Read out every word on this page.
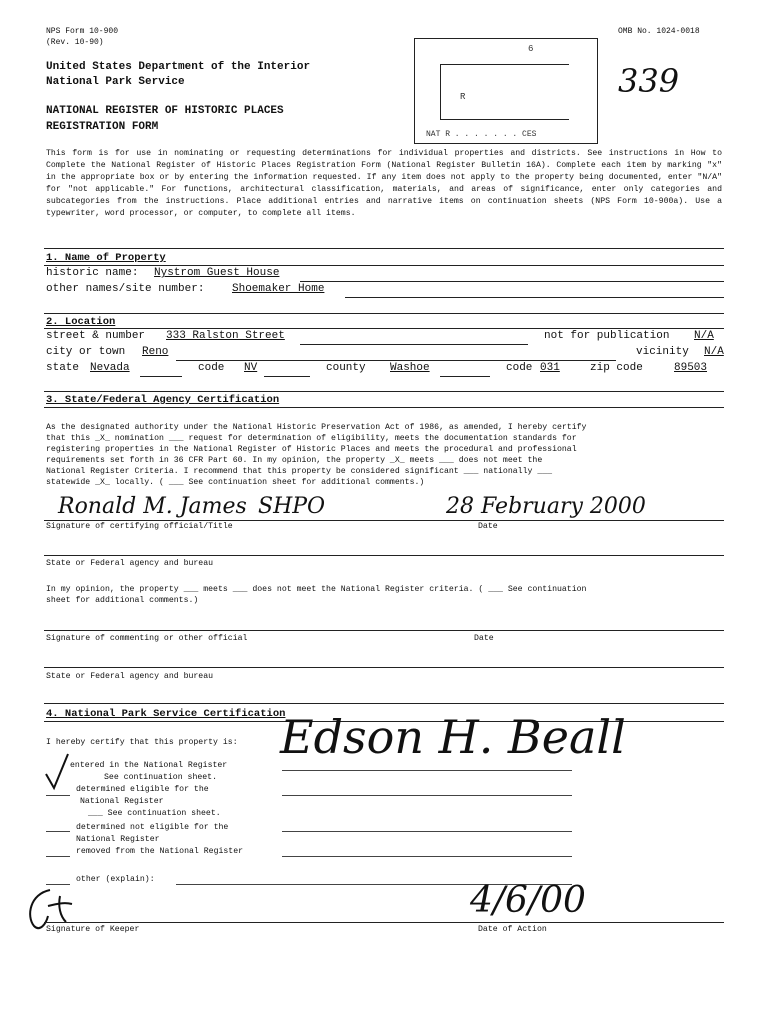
NPS Form 10-900
(Rev. 10-90)
OMB No. 1024-0018
United States Department of the Interior
National Park Service
NATIONAL REGISTER OF HISTORIC PLACES
REGISTRATION FORM
6
R
NAT R . . . . . . . CES
339
This form is for use in nominating or requesting determinations for individual properties and districts. See instructions in How to Complete the National Register of Historic Places Registration Form (National Register Bulletin 16A). Complete each item by marking "x" in the appropriate box or by entering the information requested. If any item does not apply to the property being documented, enter "N/A" for "not applicable." For functions, architectural classification, materials, and areas of significance, enter only categories and subcategories from the instructions. Place additional entries and narrative items on continuation sheets (NPS Form 10-900a). Use a typewriter, word processor, or computer, to complete all items.
1. Name of Property
historic name: Nystrom Guest House
other names/site number:	Shoemaker Home
2. Location
street & number 333 Ralston Street	not for publication N/A
city or town Reno	vicinity N/A
state Nevada	code NV	county Washoe	code 031	zip code	89503
3. State/Federal Agency Certification
As the designated authority under the National Historic Preservation Act of 1986, as amended, I hereby certify
that this _X_ nomination ___ request for determination of eligibility, meets the documentation standards for
registering properties in the National Register of Historic Places and meets the procedural and professional
requirements set forth in 36 CFR Part 60. In my opinion, the property _X_ meets ___ does not meet the
National Register Criteria. I recommend that this property be considered significant ___ nationally ___
statewide _X_ locally. ( ___ See continuation sheet for additional comments.)
Ronald M. James SHPO	28 February 2000
Signature of certifying official/Title	Date
State or Federal agency and bureau
In my opinion, the property ___ meets ___ does not meet the National Register criteria. ( ___ See continuation
sheet for additional comments.)
Signature of commenting or other official	Date
State or Federal agency and bureau
4. National Park Service Certification
I hereby certify that this property is: Edson H. Beall
entered in the National Register
See continuation sheet.
determined eligible for the
National Register
___ See continuation sheet.
determined not eligible for the
National Register
removed from the National Register
other (explain):
4/6/00
Signature of Keeper	Date of Action
